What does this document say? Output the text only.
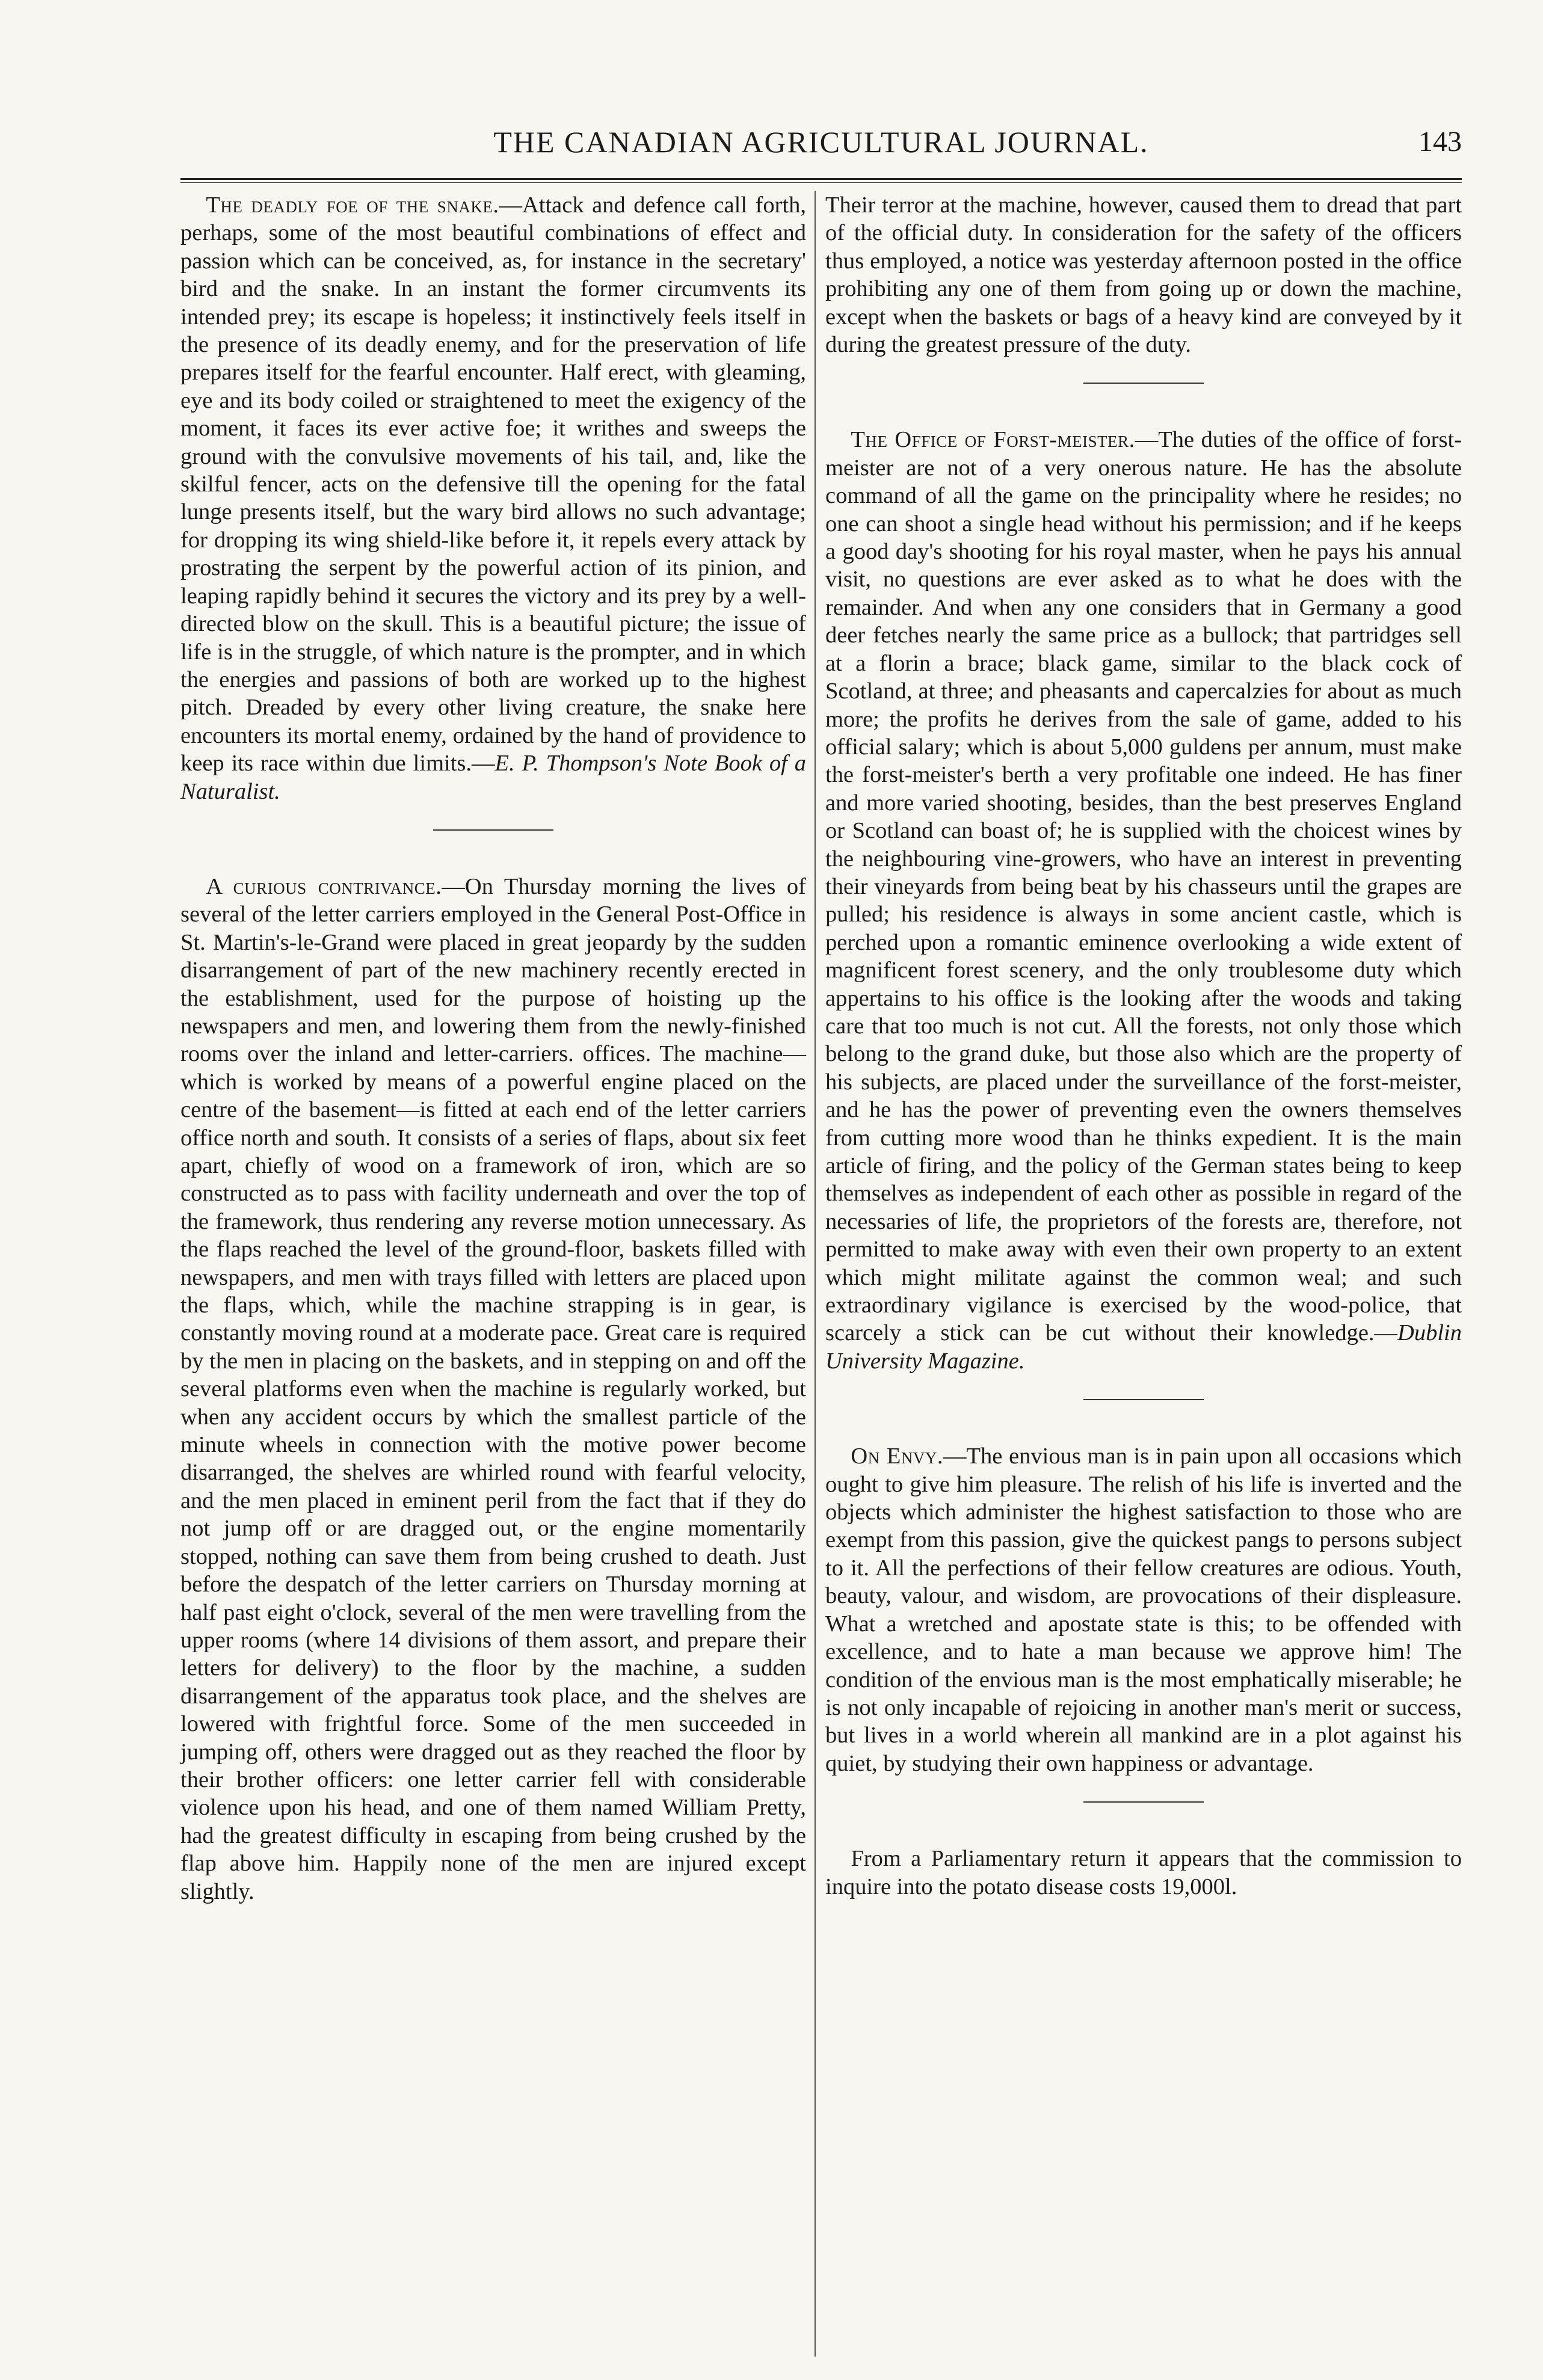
THE CANADIAN AGRICULTURAL JOURNAL.	143

The deadly foe of the snake.—Attack and defence call forth, perhaps, some of the most beautiful combinations of effect and passion which can be conceived, as, for instance in the secretary' bird and the snake. In an instant the former circumvents its intended prey; its escape is hopeless; it instinctively feels itself in the presence of its deadly enemy, and for the preservation of life prepares itself for the fearful encounter. Half erect, with gleaming, eye and its body coiled or straightened to meet the exigency of the moment, it faces its ever active foe; it writhes and sweeps the ground with the convulsive movements of his tail, and, like the skilful fencer, acts on the defensive till the opening for the fatal lunge presents itself, but the wary bird allows no such advantage; for dropping its wing shield-like before it, it repels every attack by prostrating the serpent by the powerful action of its pinion, and leaping rapidly behind it secures the victory and its prey by a well-directed blow on the skull. This is a beautiful picture; the issue of life is in the struggle, of which nature is the prompter, and in which the energies and passions of both are worked up to the highest pitch. Dreaded by every other living creature, the snake here encounters its mortal enemy, ordained by the hand of providence to keep its race within due limits.—E. P. Thompson's Note Book of a Naturalist.

A curious contrivance.—On Thursday morning the lives of several of the letter carriers employed in the General Post-Office in St. Martin's-le-Grand were placed in great jeopardy by the sudden disarrangement of part of the new machinery recently erected in the establishment, used for the purpose of hoisting up the newspapers and men, and lowering them from the newly-finished rooms over the inland and letter-carriers. offices. The machine—which is worked by means of a powerful engine placed on the centre of the basement—is fitted at each end of the letter carriers office north and south. It consists of a series of flaps, about six feet apart, chiefly of wood on a framework of iron, which are so constructed as to pass with facility underneath and over the top of the framework, thus rendering any reverse motion unnecessary. As the flaps reached the level of the ground-floor, baskets filled with newspapers, and men with trays filled with letters are placed upon the flaps, which, while the machine strapping is in gear, is constantly moving round at a moderate pace. Great care is required by the men in placing on the baskets, and in stepping on and off the several platforms even when the machine is regularly worked, but when any accident occurs by which the smallest particle of the minute wheels in connection with the motive power become disarranged, the shelves are whirled round with fearful velocity, and the men placed in eminent peril from the fact that if they do not jump off or are dragged out, or the engine momentarily stopped, nothing can save them from being crushed to death. Just before the despatch of the letter carriers on Thursday morning at half past eight o'clock, several of the men were travelling from the upper rooms (where 14 divisions of them assort, and prepare their letters for delivery) to the floor by the machine, a sudden disarrangement of the apparatus took place, and the shelves are lowered with frightful force. Some of the men succeeded in jumping off, others were dragged out as they reached the floor by their brother officers: one letter carrier fell with considerable violence upon his head, and one of them named William Pretty, had the greatest difficulty in escaping from being crushed by the flap above him. Happily none of the men are injured except slightly.

Their terror at the machine, however, caused them to dread that part of the official duty. In consideration for the safety of the officers thus employed, a notice was yesterday afternoon posted in the office prohibiting any one of them from going up or down the machine, except when the baskets or bags of a heavy kind are conveyed by it during the greatest pressure of the duty.

The Office of Forst-meister.—The duties of the office of forst-meister are not of a very onerous nature. He has the absolute command of all the game on the principality where he resides; no one can shoot a single head without his permission; and if he keeps a good day's shooting for his royal master, when he pays his annual visit, no questions are ever asked as to what he does with the remainder. And when any one considers that in Germany a good deer fetches nearly the same price as a bullock; that partridges sell at a florin a brace; black game, similar to the black cock of Scotland, at three; and pheasants and capercalzies for about as much more; the profits he derives from the sale of game, added to his official salary; which is about 5,000 guldens per annum, must make the forst-meister's berth a very profitable one indeed. He has finer and more varied shooting, besides, than the best preserves England or Scotland can boast of; he is supplied with the choicest wines by the neighbouring vine-growers, who have an interest in preventing their vineyards from being beat by his chasseurs until the grapes are pulled; his residence is always in some ancient castle, which is perched upon a romantic eminence overlooking a wide extent of magnificent forest scenery, and the only troublesome duty which appertains to his office is the looking after the woods and taking care that too much is not cut. All the forests, not only those which belong to the grand duke, but those also which are the property of his subjects, are placed under the surveillance of the forst-meister, and he has the power of preventing even the owners themselves from cutting more wood than he thinks expedient. It is the main article of firing, and the policy of the German states being to keep themselves as independent of each other as possible in regard of the necessaries of life, the proprietors of the forests are, therefore, not permitted to make away with even their own property to an extent which might militate against the common weal; and such extraordinary vigilance is exercised by the wood-police, that scarcely a stick can be cut without their knowledge.—Dublin University Magazine.

On Envy.—The envious man is in pain upon all occasions which ought to give him pleasure. The relish of his life is inverted and the objects which administer the highest satisfaction to those who are exempt from this passion, give the quickest pangs to persons subject to it. All the perfections of their fellow creatures are odious. Youth, beauty, valour, and wisdom, are provocations of their displeasure. What a wretched and apostate state is this; to be offended with excellence, and to hate a man because we approve him! The condition of the envious man is the most emphatically miserable; he is not only incapable of rejoicing in another man's merit or success, but lives in a world wherein all mankind are in a plot against his quiet, by studying their own happiness or advantage.

From a Parliamentary return it appears that the commission to inquire into the potato disease costs 19,000l.
